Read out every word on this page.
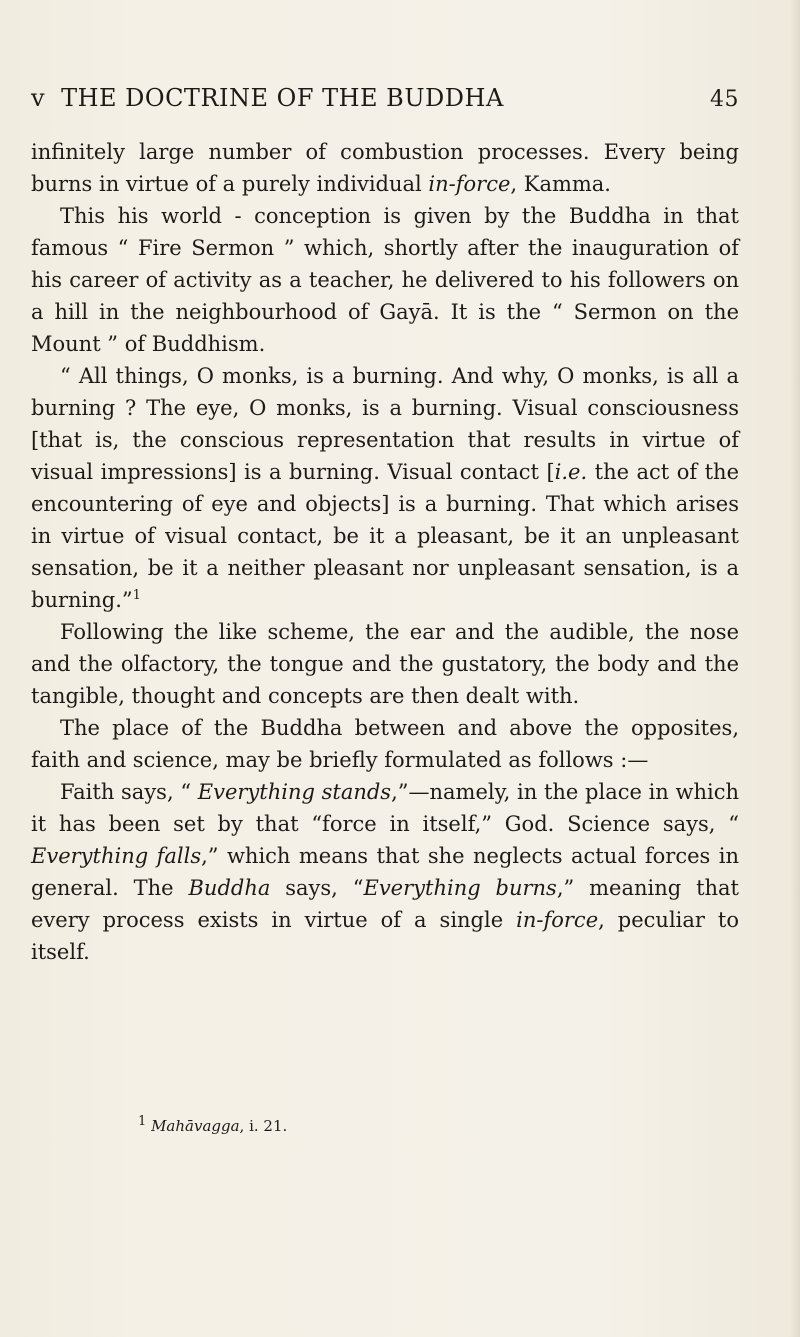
v THE DOCTRINE OF THE BUDDHA	45

infinitely large number of combustion processes. Every being burns in virtue of a purely individual in-force, Kamma.

This his world - conception is given by the Buddha in that famous “ Fire Sermon ” which, shortly after the inauguration of his career of activity as a teacher, he delivered to his followers on a hill in the neighbourhood of Gayā. It is the “ Sermon on the Mount ” of Buddhism.

“ All things, O monks, is a burning. And why, O monks, is all a burning ? The eye, O monks, is a burning. Visual consciousness [that is, the conscious representation that results in virtue of visual impressions] is a burning. Visual contact [i.e. the act of the encountering of eye and objects] is a burning. That which arises in virtue of visual contact, be it a pleasant, be it an unpleasant sensation, be it a neither pleasant nor unpleasant sensation, is a burning.”$^1$

Following the like scheme, the ear and the audible, the nose and the olfactory, the tongue and the gustatory, the body and the tangible, thought and concepts are then dealt with.

The place of the Buddha between and above the opposites, faith and science, may be briefly formulated as follows :—

Faith says, “ Everything stands,”—namely, in the place in which it has been set by that “force in itself,” God. Science says, “ Everything falls,” which means that she neglects actual forces in general. The Buddha says, “Everything burns,” meaning that every process exists in virtue of a single in-force, peculiar to itself.

1 Mahāvagga, i. 21.
